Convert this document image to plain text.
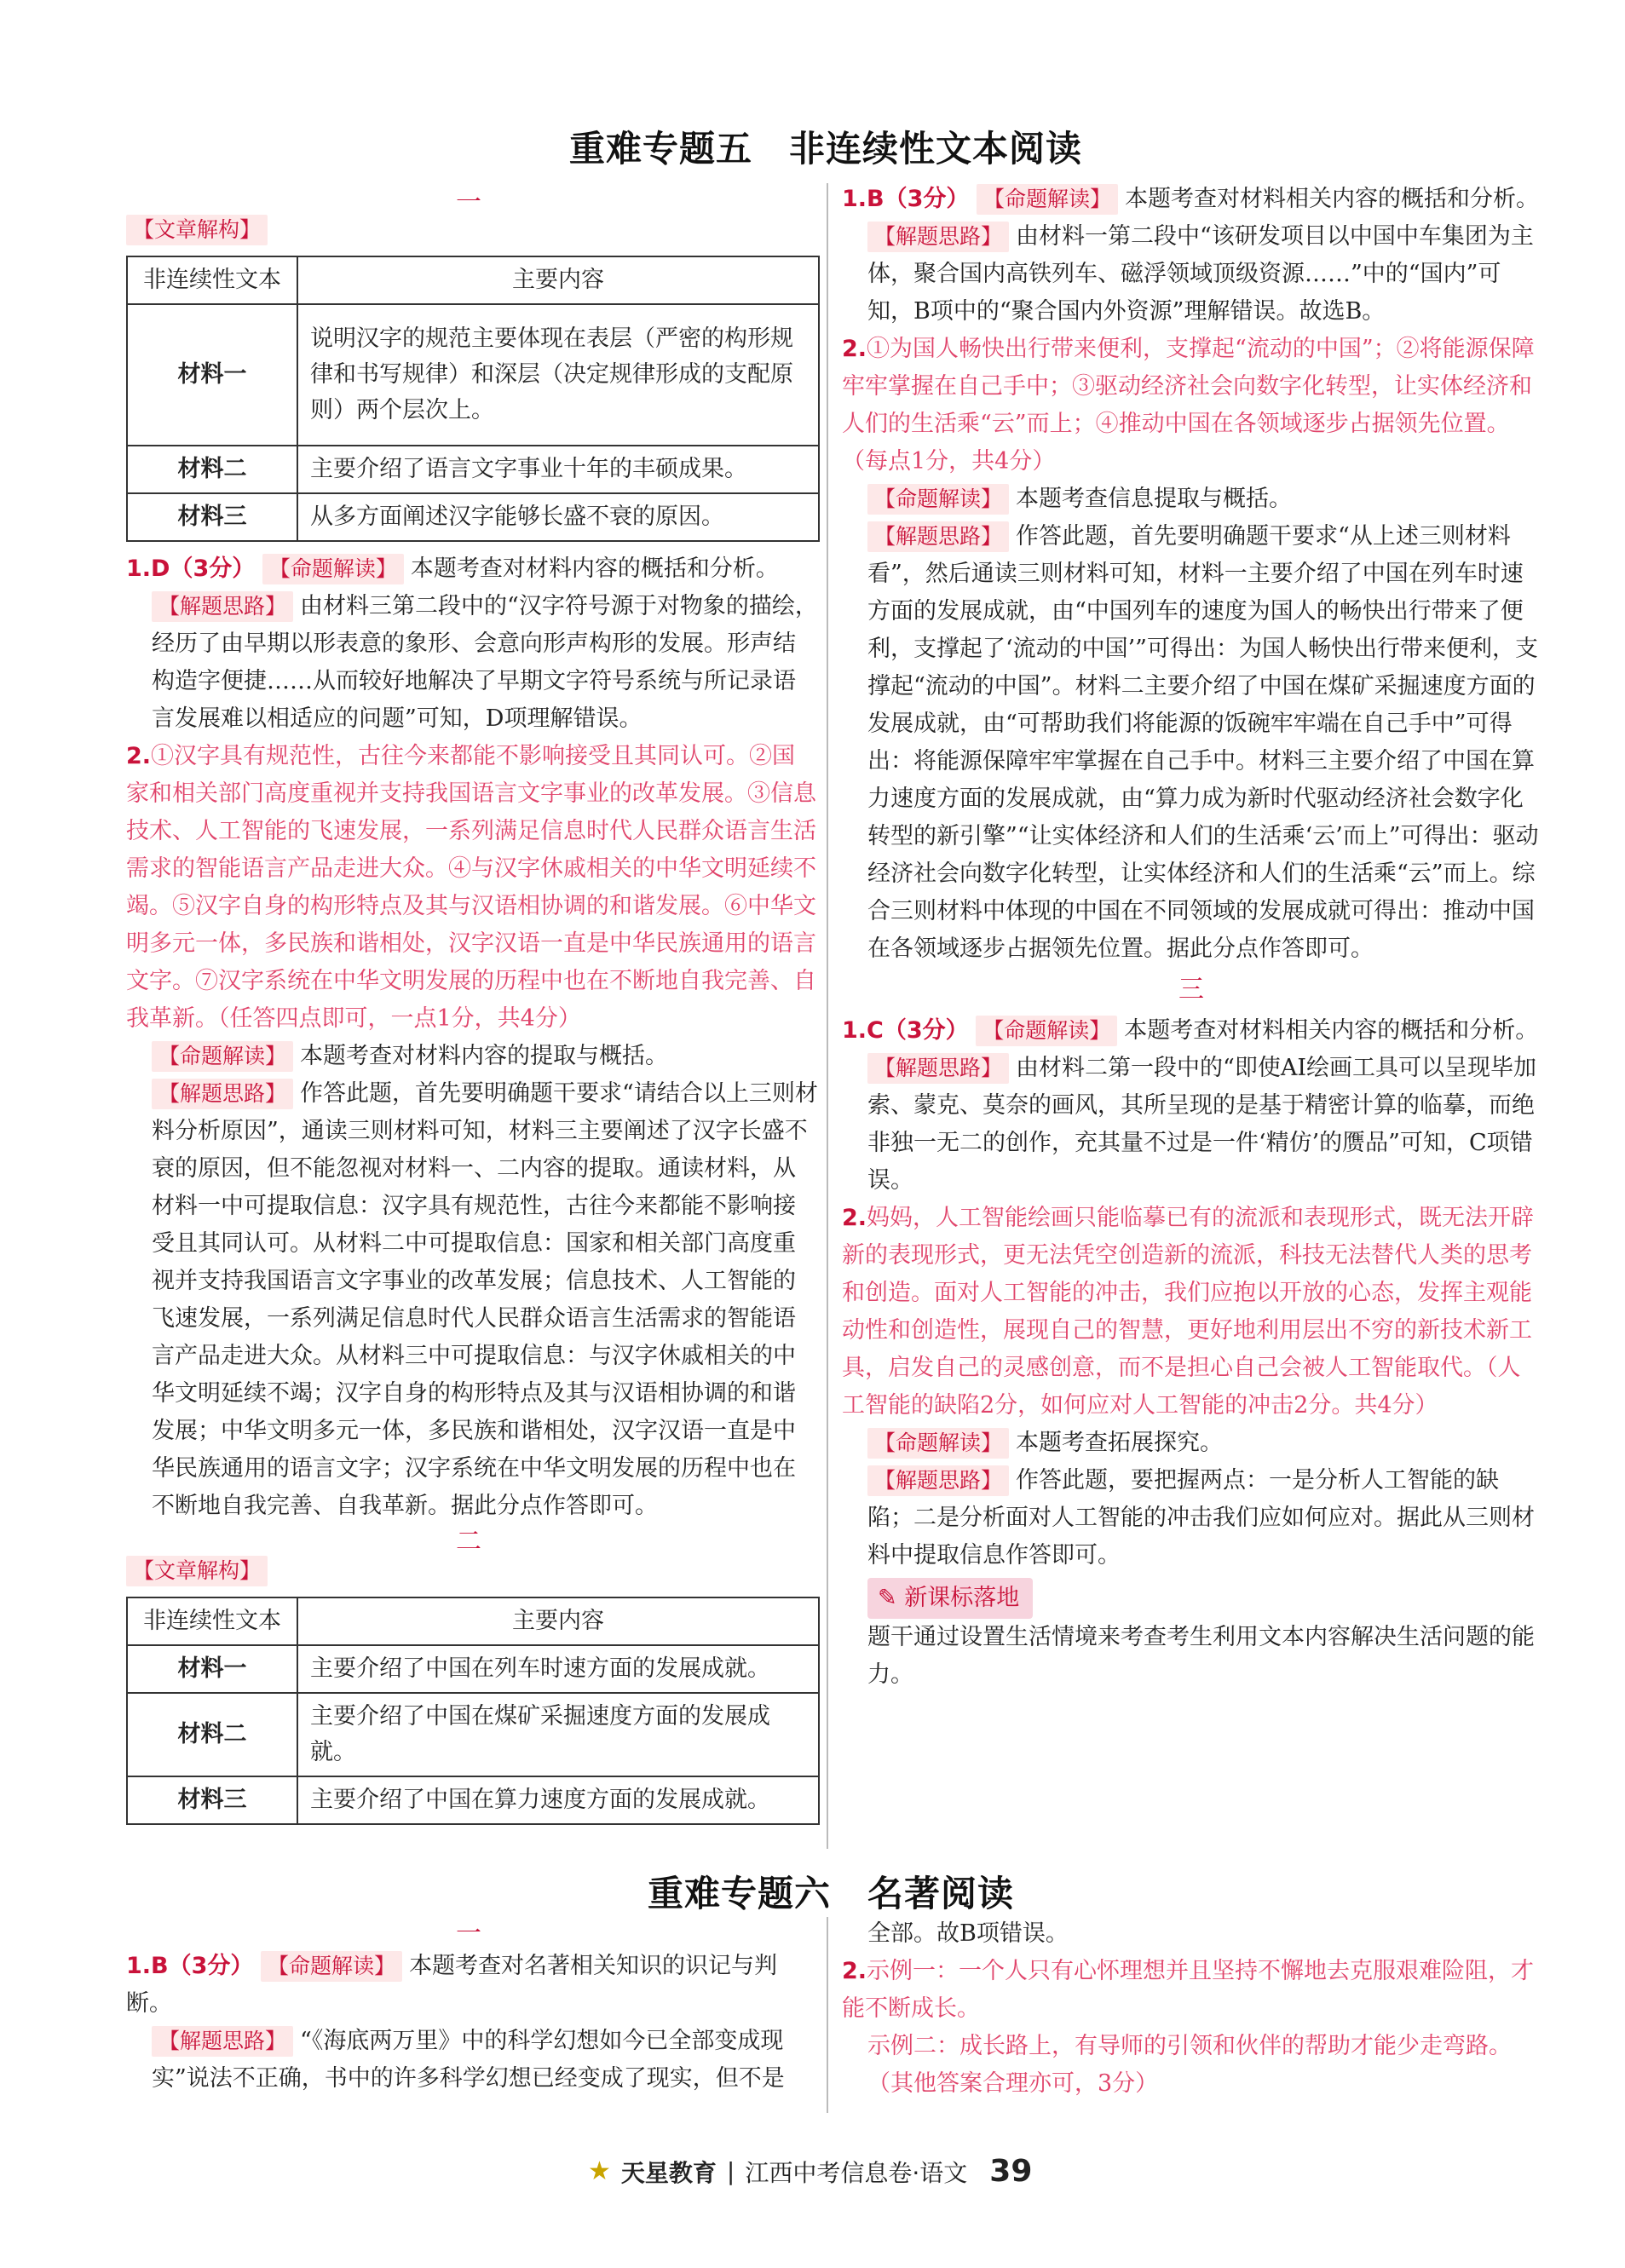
重难专题五　非连续性文本阅读
一
【 文章解构 】
非连续性文本	主要内容
材料一	说明汉字的规范主要体现在表层（严密的构形规律和书写规律）和深层（决定规律形成的支配原则）两个层次上。
材料二	主要介绍了语言文字事业十年的丰硕成果。
材料三	从多方面阐述汉字能够长盛不衰的原因。

1.D（3分） 【 命题解读 】 本题考查对材料内容的概括和分析。

【 解题思路 】 由材料三第二段中的“汉字符号源于对物象的描绘，经历了由早期以形表意的象形、会意向形声构形的发展。形声结构造字便捷……从而较好地解决了早期文字符号系统与所记录语言发展难以相适应的问题”可知，D项理解错误。

2.①汉字具有规范性，古往今来都能不影响接受且其同认可。②国家和相关部门高度重视并支持我国语言文字事业的改革发展。③信息技术、人工智能的飞速发展，一系列满足信息时代人民群众语言生活需求的智能语言产品走进大众。④与汉字休戚相关的中华文明延续不竭。⑤汉字自身的构形特点及其与汉语相协调的和谐发展。⑥中华文明多元一体，多民族和谐相处，汉字汉语一直是中华民族通用的语言文字。⑦汉字系统在中华文明发展的历程中也在不断地自我完善、自我革新。（任答四点即可，一点1分，共4分）

【 命题解读 】 本题考查对材料内容的提取与概括。

【 解题思路 】 作答此题，首先要明确题干要求“请结合以上三则材料分析原因”，通读三则材料可知，材料三主要阐述了汉字长盛不衰的原因，但不能忽视对材料一、二内容的提取。通读材料，从材料一中可提取信息：汉字具有规范性，古往今来都能不影响接受且其同认可。从材料二中可提取信息：国家和相关部门高度重视并支持我国语言文字事业的改革发展；信息技术、人工智能的飞速发展，一系列满足信息时代人民群众语言生活需求的智能语言产品走进大众。从材料三中可提取信息：与汉字休戚相关的中华文明延续不竭；汉字自身的构形特点及其与汉语相协调的和谐发展；中华文明多元一体，多民族和谐相处，汉字汉语一直是中华民族通用的语言文字；汉字系统在中华文明发展的历程中也在不断地自我完善、自我革新。据此分点作答即可。

二
【 文章解构 】
非连续性文本	主要内容
材料一	主要介绍了中国在列车时速方面的发展成就。
材料二	主要介绍了中国在煤矿采掘速度方面的发展成就。
材料三	主要介绍了中国在算力速度方面的发展成就。

1.B（3分） 【 命题解读 】 本题考查对材料相关内容的概括和分析。

【 解题思路 】 由材料一第二段中“该研发项目以中国中车集团为主体，聚合国内高铁列车、磁浮领域顶级资源……”中的“国内”可知，B项中的“聚合国内外资源”理解错误。故选B。

2.①为国人畅快出行带来便利，支撑起“流动的中国”；②将能源保障牢牢掌握在自己手中；③驱动经济社会向数字化转型，让实体经济和人们的生活乘“云”而上；④推动中国在各领域逐步占据领先位置。（每点1分，共4分）

【 命题解读 】 本题考查信息提取与概括。

【 解题思路 】 作答此题，首先要明确题干要求“从上述三则材料看”，然后通读三则材料可知，材料一主要介绍了中国在列车时速方面的发展成就，由“中国列车的速度为国人的畅快出行带来了便利，支撑起了‘流动的中国’”可得出：为国人畅快出行带来便利，支撑起“流动的中国”。材料二主要介绍了中国在煤矿采掘速度方面的发展成就，由“可帮助我们将能源的饭碗牢牢端在自己手中”可得出：将能源保障牢牢掌握在自己手中。材料三主要介绍了中国在算力速度方面的发展成就，由“算力成为新时代驱动经济社会数字化转型的新引擎”“让实体经济和人们的生活乘‘云’而上”可得出：驱动经济社会向数字化转型，让实体经济和人们的生活乘“云”而上。综合三则材料中体现的中国在不同领域的发展成就可得出：推动中国在各领域逐步占据领先位置。据此分点作答即可。

三

1.C（3分） 【 命题解读 】 本题考查对材料相关内容的概括和分析。

【 解题思路 】 由材料二第一段中的“即使AI绘画工具可以呈现毕加索、蒙克、莫奈的画风，其所呈现的是基于精密计算的临摹，而绝非独一无二的创作，充其量不过是一件‘精仿’的赝品”可知，C项错误。

2.妈妈，人工智能绘画只能临摹已有的流派和表现形式，既无法开辟新的表现形式，更无法凭空创造新的流派，科技无法替代人类的思考和创造。面对人工智能的冲击，我们应抱以开放的心态，发挥主观能动性和创造性，展现自己的智慧，更好地利用层出不穷的新技术新工具，启发自己的灵感创意，而不是担心自己会被人工智能取代。（人工智能的缺陷2分，如何应对人工智能的冲击2分。共4分）

【 命题解读 】 本题考查拓展探究。

【 解题思路 】 作答此题，要把握两点：一是分析人工智能的缺陷；二是分析面对人工智能的冲击我们应如何应对。据此从三则材料中提取信息作答即可。

✎ 新课标落地

题干通过设置生活情境来考查考生利用文本内容解决生活问题的能力。

重难专题六　名著阅读
一

1.B（3分） 【 命题解读 】 本题考查对名著相关知识的识记与判断。

【 解题思路 】 “《海底两万里》中的科学幻想如今已全部变成现实”说法不正确，书中的许多科学幻想已经变成了现实，但不是

全部。故B项错误。

2.示例一：一个人只有心怀理想并且坚持不懈地去克服艰难险阻，才能不断成长。

示例二：成长路上，有导师的引领和伙伴的帮助才能少走弯路。（其他答案合理亦可，3分）

★ 天星教育 | 江西中考信息卷·语文 39
